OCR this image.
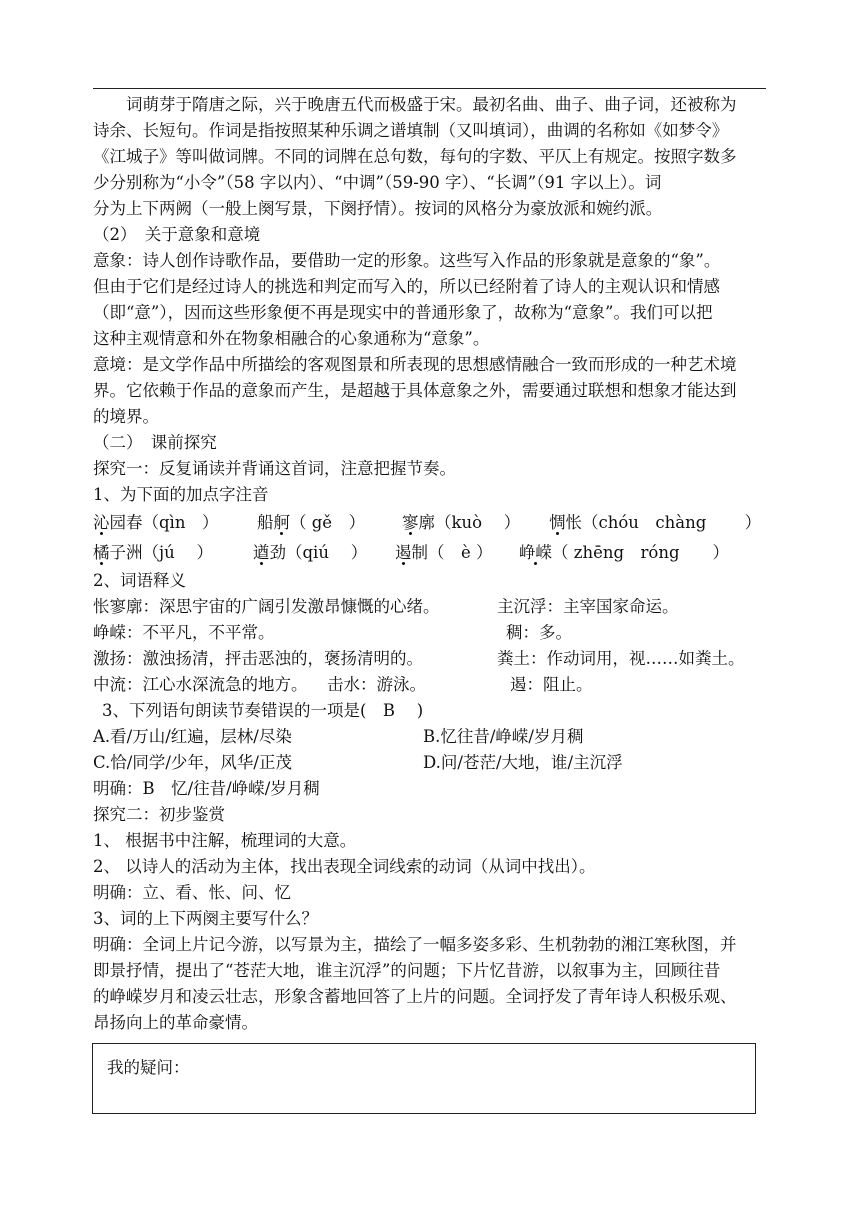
词萌芽于隋唐之际，兴于晚唐五代而极盛于宋。最初名曲、曲子、曲子词，还被称为

诗余、长短句。作词是指按照某种乐调之谱填制（又叫填词），曲调的名称如《如梦令》

《江城子》等叫做词牌。不同的词牌在总句数，每句的字数、平仄上有规定。按照字数多

少分别称为“小令”（58 字以内）、“中调”（59-90 字）、“长调”（91 字以上）。词

分为上下两阙（一般上阕写景，下阕抒情）。按词的风格分为豪放派和婉约派。

（2）　关于意象和意境

意象：诗人创作诗歌作品，要借助一定的形象。这些写入作品的形象就是意象的“象”。

但由于它们是经过诗人的挑选和判定而写入的，所以已经附着了诗人的主观认识和情感

（即“意”），因而这些形象便不再是现实中的普通形象了，故称为“意象”。我们可以把

这种主观情意和外在物象相融合的心象通称为“意象”。

意境：是文学作品中所描绘的客观图景和所表现的思想感情融合一致而形成的一种艺术境

界。它依赖于作品的意象而产生，是超越于具体意象之外，需要通过联想和想象才能达到

的境界。

（二）　课前探究

探究一：反复诵读并背诵这首词，注意把握节奏。

1、为下面的加点字注音

沁园春（qìn　）	船舸（ gě　）	寥廓（kuò　 ）	惆怅（chóu　chàng　　 ）
橘子洲（jú　 ）	遒劲（qiú　 ）	遏制（　è ）	峥嵘（ zhēng　róng　　）

2、词语释义

怅寥廓：深思宇宙的广阔引发激昂慷慨的心绪。	主沉浮：主宰国家命运。
峥嵘：不平凡，不平常。	稠：多。
激扬：激浊扬清，抨击恶浊的，褒扬清明的。	粪土：作动词用，视……如粪土。
中流：江心水深流急的地方。	击水：游泳。	遏：阻止。

3、下列语句朗读节奏错误的一项是(　B　 )

A.看/万山/红遍，层林/尽染	B.忆往昔/峥嵘/岁月稠
C.恰/同学/少年，风华/正茂	D.问/苍茫/大地，谁/主沉浮

明确：B　忆/往昔/峥嵘/岁月稠

探究二：初步鉴赏

1、 根据书中注解，梳理词的大意。

2、 以诗人的活动为主体，找出表现全词线索的动词（从词中找出）。

明确：立、看、怅、问、忆

3、词的上下两阕主要写什么？

明确：全词上片记今游，以写景为主，描绘了一幅多姿多彩、生机勃勃的湘江寒秋图，并

即景抒情，提出了“苍茫大地，谁主沉浮”的问题；下片忆昔游，以叙事为主，回顾往昔

的峥嵘岁月和凌云壮志，形象含蓄地回答了上片的问题。全词抒发了青年诗人积极乐观、

昂扬向上的革命豪情。

我的疑问：
